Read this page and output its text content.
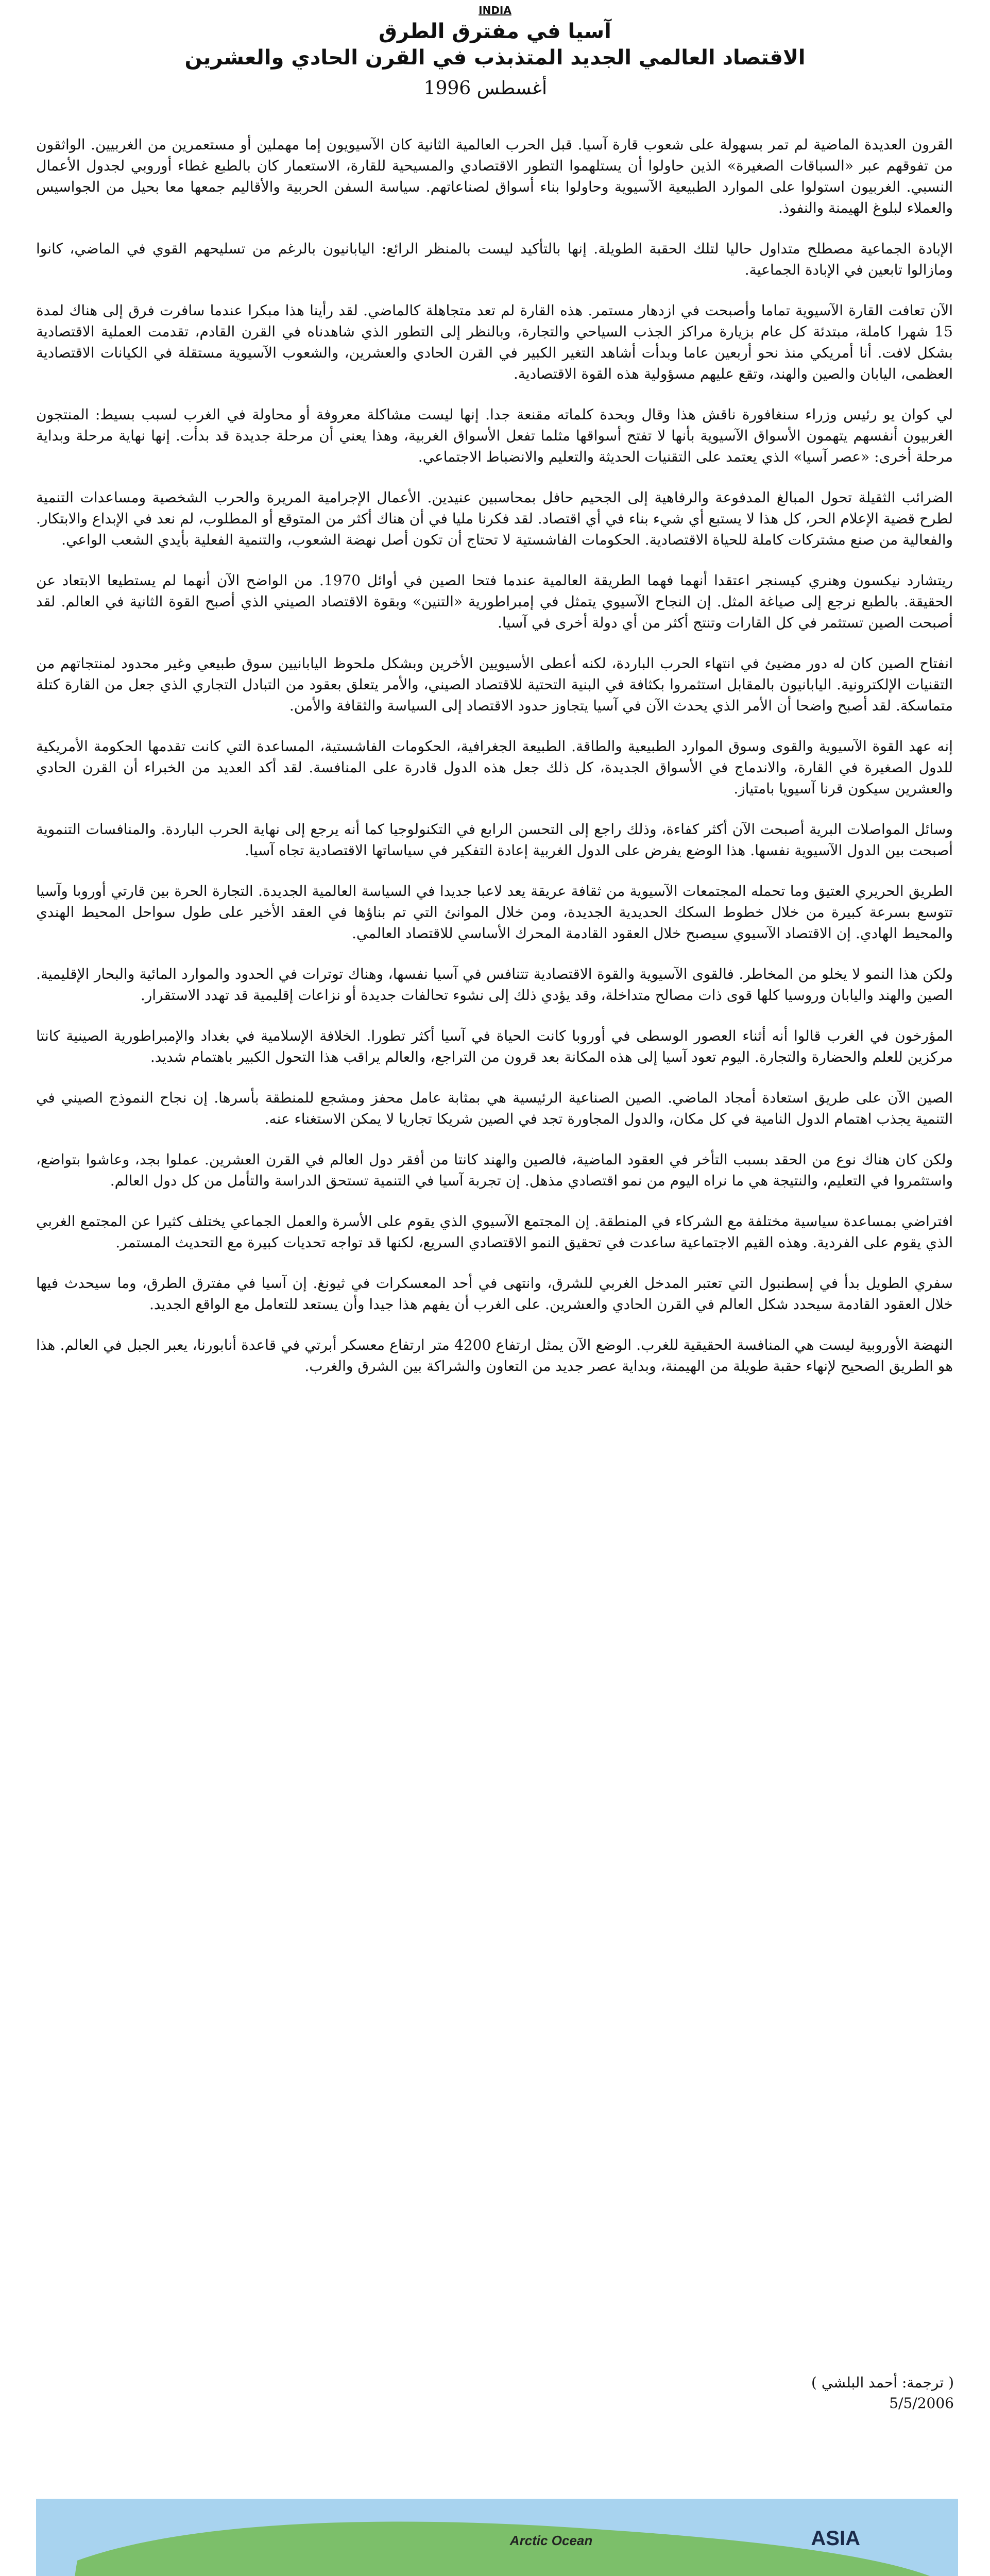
INDIA
آسيا في مفترق الطرق
الاقتصاد العالمي الجديد المتذبذب في القرن الحادي والعشرين
أغسطس 1996

القرون العديدة الماضية لم تمر بسهولة على شعوب قارة آسيا. قبل الحرب العالمية الثانية كان الآسيويون إما مهملين أو مستعمرين من الغربيين. الواثقون من تفوقهم عبر «السباقات الصغيرة» الذين حاولوا أن يستلهموا التطور الاقتصادي والمسيحية للقارة، الاستعمار كان بالطبع غطاء أوروبي لجدول الأعمال النسبي. الغربيون استولوا على الموارد الطبيعية الآسيوية وحاولوا بناء أسواق لصناعاتهم. سياسة السفن الحربية والأقاليم جمعها معا بحيل من الجواسيس والعملاء لبلوغ الهيمنة والنفوذ.

الإبادة الجماعية مصطلح متداول حاليا لتلك الحقبة الطويلة. إنها بالتأكيد ليست بالمنظر الرائع: اليابانيون بالرغم من تسليحهم القوي في الماضي، كانوا ومازالوا تابعين في الإبادة الجماعية.

الآن تعافت القارة الآسيوية تماما وأصبحت في ازدهار مستمر. هذه القارة لم تعد متجاهلة كالماضي. لقد رأينا هذا مبكرا عندما سافرت فرق إلى هناك لمدة 15 شهرا كاملة، مبتدئة كل عام بزيارة مراكز الجذب السياحي والتجارة، وبالنظر إلى التطور الذي شاهدناه في القرن القادم، تقدمت العملية الاقتصادية بشكل لافت. أنا أمريكي منذ نحو أربعين عاما وبدأت أشاهد التغير الكبير في القرن الحادي والعشرين، والشعوب الآسيوية مستقلة في الكيانات الاقتصادية العظمى، اليابان والصين والهند، وتقع عليهم مسؤولية هذه القوة الاقتصادية.

لي كوان يو رئيس وزراء سنغافورة ناقش هذا وقال وبحدة كلماته مقنعة جدا. إنها ليست مشاكلة معروفة أو محاولة في الغرب لسبب بسيط: المنتجون الغربيون أنفسهم يتهمون الأسواق الآسيوية بأنها لا تفتح أسواقها مثلما تفعل الأسواق الغربية، وهذا يعني أن مرحلة جديدة قد بدأت. إنها نهاية مرحلة وبداية مرحلة أخرى: «عصر آسيا» الذي يعتمد على التقنيات الحديثة والتعليم والانضباط الاجتماعي.

الضرائب الثقيلة تحول المبالغ المدفوعة والرفاهية إلى الجحيم حافل بمحاسبين عنيدين. الأعمال الإجرامية المريرة والحرب الشخصية ومساعدات التنمية لطرح قضية الإعلام الحر، كل هذا لا يستبع أي شيء بناء في أي اقتصاد. لقد فكرنا مليا في أن هناك أكثر من المتوقع أو المطلوب، لم نعد في الإبداع والابتكار. والفعالية من صنع مشتركات كاملة للحياة الاقتصادية. الحكومات الفاشستية لا تحتاج أن تكون أصل نهضة الشعوب، والتنمية الفعلية بأيدي الشعب الواعي.

ريتشارد نيكسون وهنري كيسنجر اعتقدا أنهما فهما الطريقة العالمية عندما فتحا الصين في أوائل 1970. من الواضح الآن أنهما لم يستطيعا الابتعاد عن الحقيقة. بالطبع نرجع إلى صياغة المثل. إن النجاح الآسيوي يتمثل في إمبراطورية «التنين» وبقوة الاقتصاد الصيني الذي أصبح القوة الثانية في العالم. لقد أصبحت الصين تستثمر في كل القارات وتنتج أكثر من أي دولة أخرى في آسيا.

انفتاح الصين كان له دور مضيئ في انتهاء الحرب الباردة، لكنه أعطى الأسيويين الأخرين وبشكل ملحوظ اليابانيين سوق طبيعي وغير محدود لمنتجاتهم من التقنيات الإلكترونية. اليابانيون بالمقابل استثمروا بكثافة في البنية التحتية للاقتصاد الصيني، والأمر يتعلق بعقود من التبادل التجاري الذي جعل من القارة كتلة متماسكة. لقد أصبح واضحا أن الأمر الذي يحدث الآن في آسيا يتجاوز حدود الاقتصاد إلى السياسة والثقافة والأمن.

إنه عهد القوة الآسيوية والقوى وسوق الموارد الطبيعية والطاقة. الطبيعة الجغرافية، الحكومات الفاشستية، المساعدة التي كانت تقدمها الحكومة الأمريكية للدول الصغيرة في القارة، والاندماج في الأسواق الجديدة، كل ذلك جعل هذه الدول قادرة على المنافسة. لقد أكد العديد من الخبراء أن القرن الحادي والعشرين سيكون قرنا آسيويا بامتياز.

وسائل المواصلات البرية أصبحت الآن أكثر كفاءة، وذلك راجع إلى التحسن الرابع في التكنولوجيا كما أنه يرجع إلى نهاية الحرب الباردة. والمنافسات التنموية أصبحت بين الدول الآسيوية نفسها. هذا الوضع يفرض على الدول الغربية إعادة التفكير في سياساتها الاقتصادية تجاه آسيا.

الطريق الحريري العتيق وما تحمله المجتمعات الآسيوية من ثقافة عريقة يعد لاعبا جديدا في السياسة العالمية الجديدة. التجارة الحرة بين قارتي أوروبا وآسيا تتوسع بسرعة كبيرة من خلال خطوط السكك الحديدية الجديدة، ومن خلال الموانئ التي تم بناؤها في العقد الأخير على طول سواحل المحيط الهندي والمحيط الهادي. إن الاقتصاد الآسيوي سيصبح خلال العقود القادمة المحرك الأساسي للاقتصاد العالمي.

ولكن هذا النمو لا يخلو من المخاطر. فالقوى الآسيوية والقوة الاقتصادية تتنافس في آسيا نفسها، وهناك توترات في الحدود والموارد المائية والبحار الإقليمية. الصين والهند واليابان وروسيا كلها قوى ذات مصالح متداخلة، وقد يؤدي ذلك إلى نشوء تحالفات جديدة أو نزاعات إقليمية قد تهدد الاستقرار.

المؤرخون في الغرب قالوا أنه أثناء العصور الوسطى في أوروبا كانت الحياة في آسيا أكثر تطورا. الخلافة الإسلامية في بغداد والإمبراطورية الصينية كانتا مركزين للعلم والحضارة والتجارة. اليوم تعود آسيا إلى هذه المكانة بعد قرون من التراجع، والعالم يراقب هذا التحول الكبير باهتمام شديد.

الصين الآن على طريق استعادة أمجاد الماضي. الصين الصناعية الرئيسية هي بمثابة عامل محفز ومشجع للمنطقة بأسرها. إن نجاح النموذج الصيني في التنمية يجذب اهتمام الدول النامية في كل مكان، والدول المجاورة تجد في الصين شريكا تجاريا لا يمكن الاستغناء عنه.

ولكن كان هناك نوع من الحقد بسبب التأخر في العقود الماضية، فالصين والهند كانتا من أفقر دول العالم في القرن العشرين. عملوا بجد، وعاشوا بتواضع، واستثمروا في التعليم، والنتيجة هي ما نراه اليوم من نمو اقتصادي مذهل. إن تجربة آسيا في التنمية تستحق الدراسة والتأمل من كل دول العالم.

افتراضي بمساعدة سياسية مختلفة مع الشركاء في المنطقة. إن المجتمع الآسيوي الذي يقوم على الأسرة والعمل الجماعي يختلف كثيرا عن المجتمع الغربي الذي يقوم على الفردية. وهذه القيم الاجتماعية ساعدت في تحقيق النمو الاقتصادي السريع، لكنها قد تواجه تحديات كبيرة مع التحديث المستمر.

سفري الطويل بدأ في إسطنبول التي تعتبر المدخل الغربي للشرق، وانتهى في أحد المعسكرات في ثيونغ. إن آسيا في مفترق الطرق، وما سيحدث فيها خلال العقود القادمة سيحدد شكل العالم في القرن الحادي والعشرين. على الغرب أن يفهم هذا جيدا وأن يستعد للتعامل مع الواقع الجديد.

النهضة الأوروبية ليست هي المنافسة الحقيقية للغرب. الوضع الآن يمثل ارتفاع 4200 متر ارتفاع معسكر أبرتي في قاعدة أنابورنا، يعبر الجبل في العالم. هذا هو الطريق الصحيح لإنهاء حقبة طويلة من الهيمنة، وبداية عصر جديد من التعاون والشراكة بين الشرق والغرب.

( ترجمة: أحمد البلشي )
5/5/2006
Arctic Ocean	ASIA
